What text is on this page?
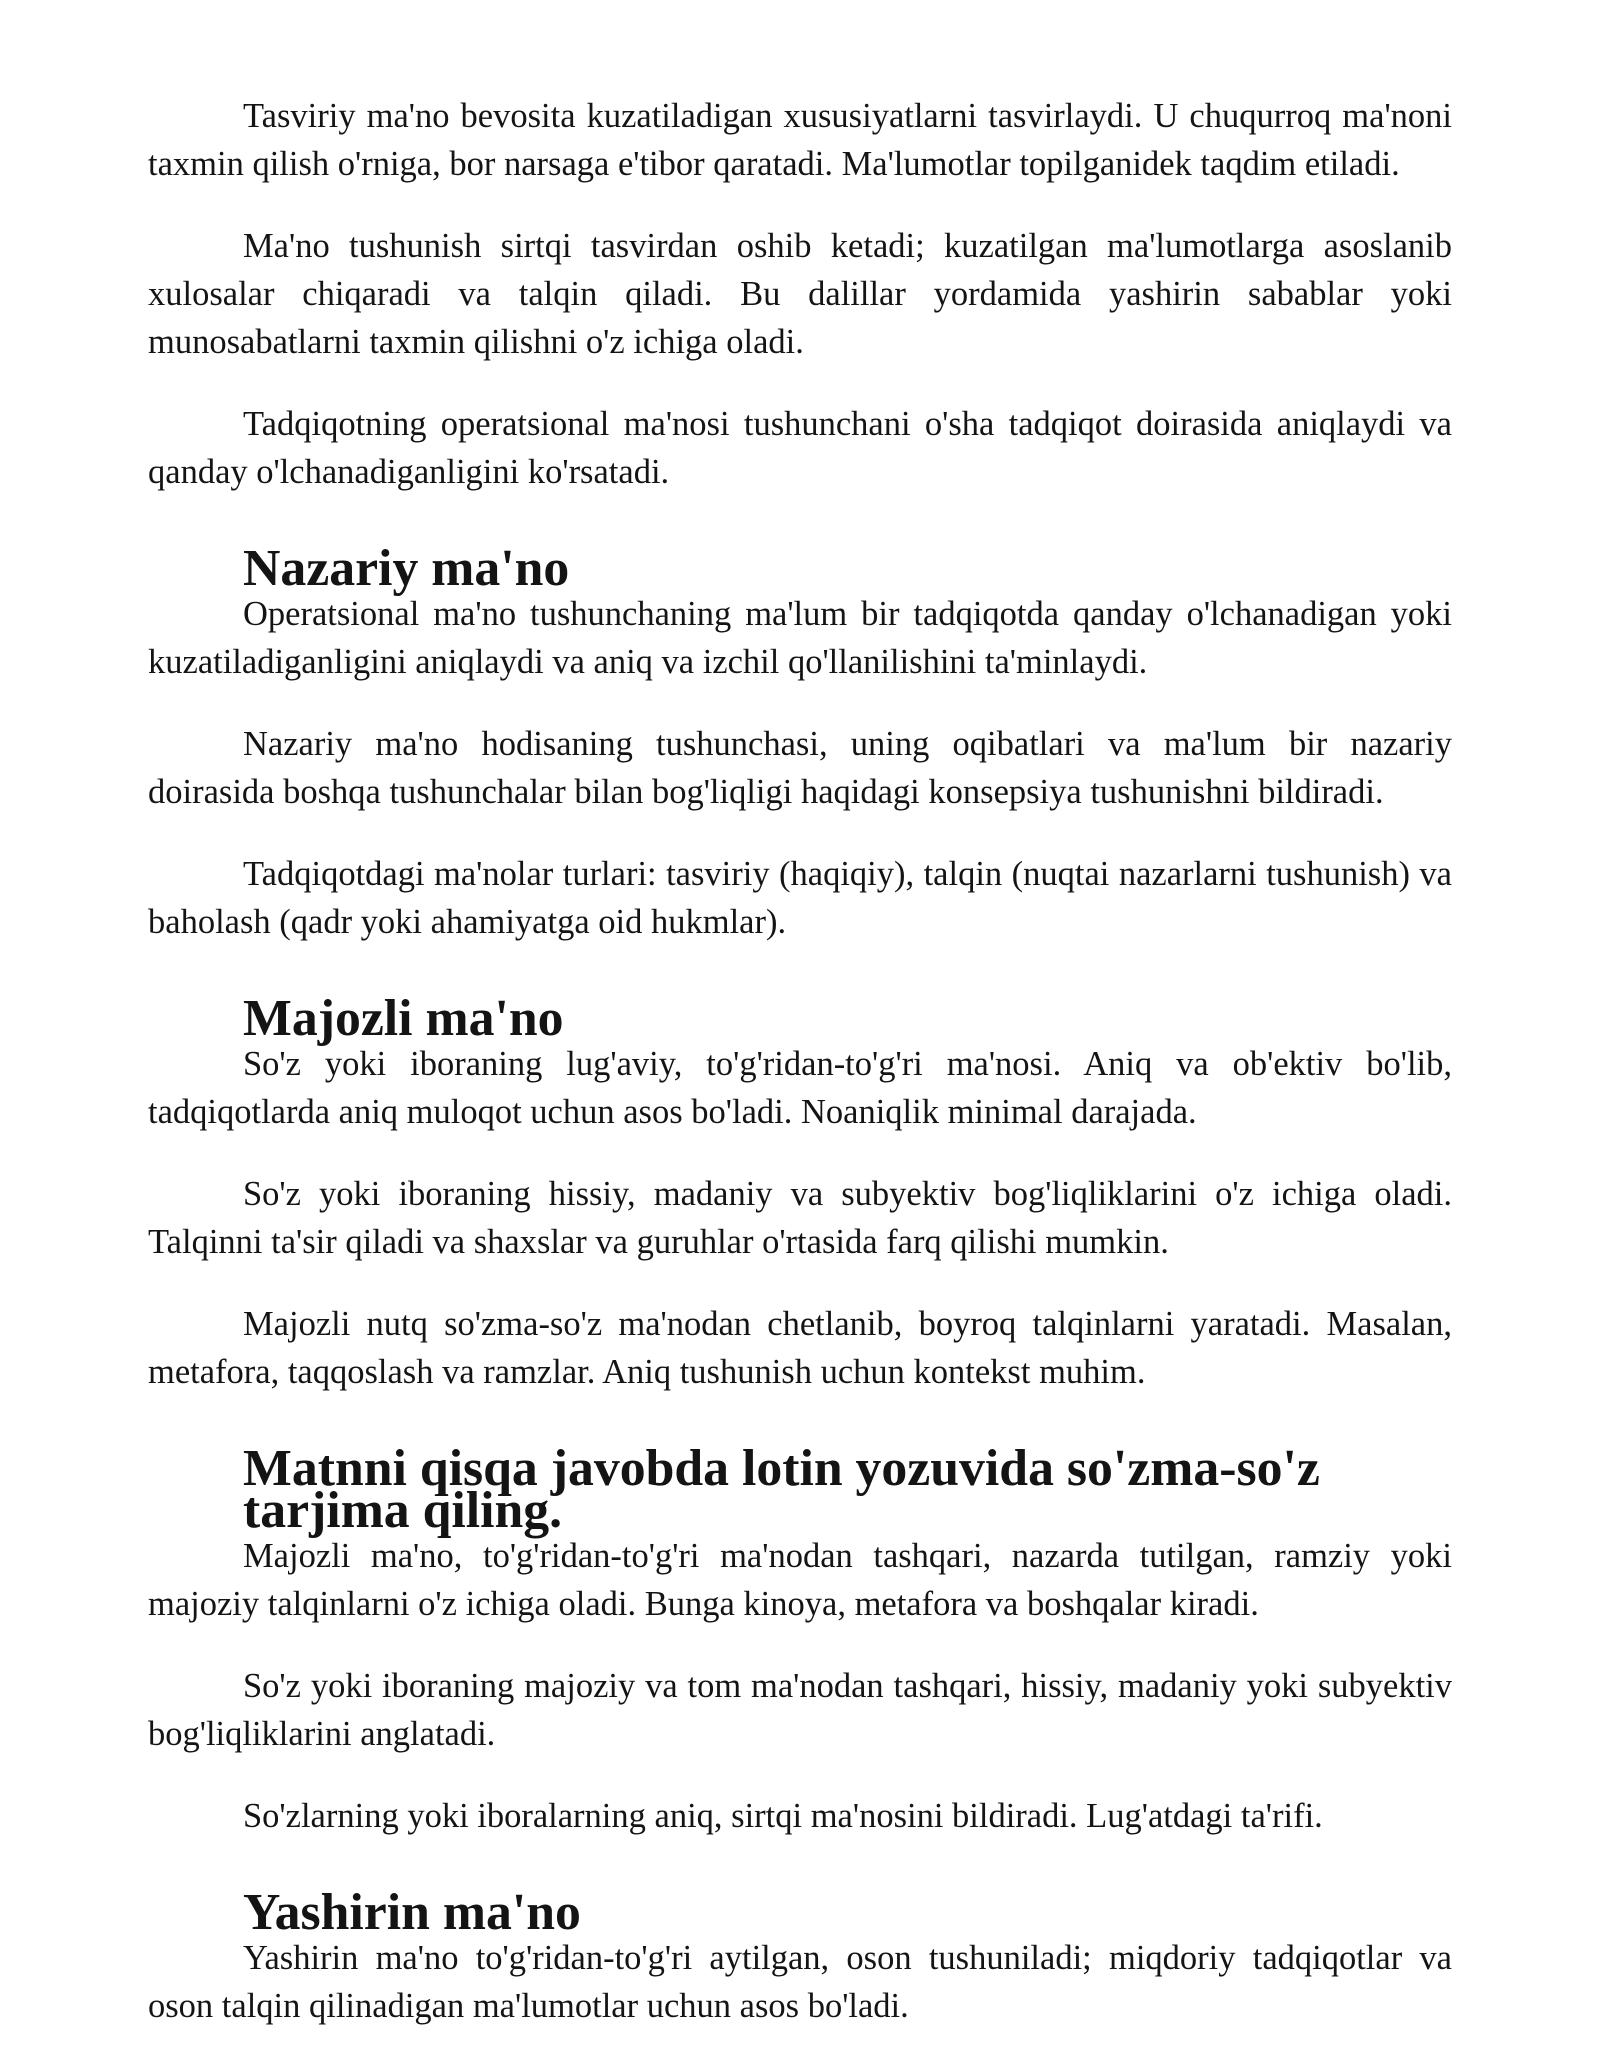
Tasviriy ma'no bevosita kuzatiladigan xususiyatlarni tasvirlaydi. U chuqurroq ma'noni taxmin qilish o'rniga, bor narsaga e'tibor qaratadi. Ma'lumotlar topilganidek taqdim etiladi.

Ma'no tushunish sirtqi tasvirdan oshib ketadi; kuzatilgan ma'lumotlarga asoslanib xulosalar chiqaradi va talqin qiladi. Bu dalillar yordamida yashirin sabablar yoki munosabatlarni taxmin qilishni o'z ichiga oladi.

Tadqiqotning operatsional ma'nosi tushunchani o'sha tadqiqot doirasida aniqlaydi va qanday o'lchanadiganligini ko'rsatadi.

Nazariy ma'no

Operatsional ma'no tushunchaning ma'lum bir tadqiqotda qanday o'lchanadigan yoki kuzatiladiganligini aniqlaydi va aniq va izchil qo'llanilishini ta'minlaydi.

Nazariy ma'no hodisaning tushunchasi, uning oqibatlari va ma'lum bir nazariy doirasida boshqa tushunchalar bilan bog'liqligi haqidagi konsepsiya tushunishni bildiradi.

Tadqiqotdagi ma'nolar turlari: tasviriy (haqiqiy), talqin (nuqtai nazarlarni tushunish) va baholash (qadr yoki ahamiyatga oid hukmlar).

Majozli ma'no

So'z yoki iboraning lug'aviy, to'g'ridan-to'g'ri ma'nosi. Aniq va ob'ektiv bo'lib, tadqiqotlarda aniq muloqot uchun asos bo'ladi. Noaniqlik minimal darajada.

So'z yoki iboraning hissiy, madaniy va subyektiv bog'liqliklarini o'z ichiga oladi. Talqinni ta'sir qiladi va shaxslar va guruhlar o'rtasida farq qilishi mumkin.

Majozli nutq so'zma-so'z ma'nodan chetlanib, boyroq talqinlarni yaratadi. Masalan, metafora, taqqoslash va ramzlar. Aniq tushunish uchun kontekst muhim.

Matnni qisqa javobda lotin yozuvida so'zma-so'z tarjima qiling.

Majozli ma'no, to'g'ridan-to'g'ri ma'nodan tashqari, nazarda tutilgan, ramziy yoki majoziy talqinlarni o'z ichiga oladi. Bunga kinoya, metafora va boshqalar kiradi.

So'z yoki iboraning majoziy va tom ma'nodan tashqari, hissiy, madaniy yoki subyektiv bog'liqliklarini anglatadi.

So'zlarning yoki iboralarning aniq, sirtqi ma'nosini bildiradi. Lug'atdagi ta'rifi.

Yashirin ma'no

Yashirin ma'no to'g'ridan-to'g'ri aytilgan, oson tushuniladi; miqdoriy tadqiqotlar va oson talqin qilinadigan ma'lumotlar uchun asos bo'ladi.
